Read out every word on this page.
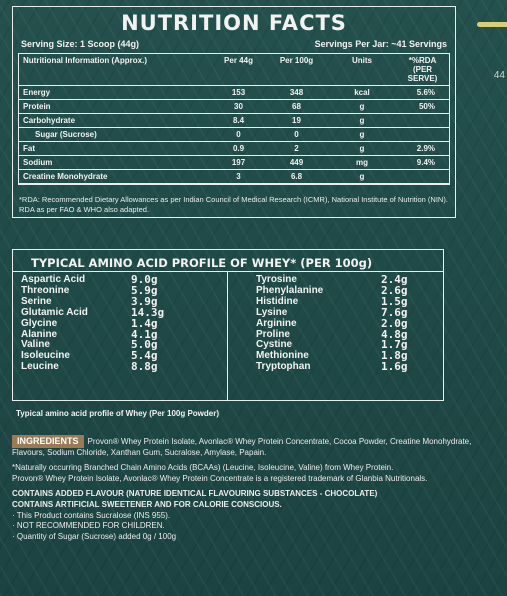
44
NUTRITION FACTS
Serving Size: 1 Scoop (44g)	Servings Per Jar: ~41 Servings
Nutritional Information (Approx.)	Per 44g	Per 100g	Units	*%RDA (PER SERVE)
Energy	153	348	kcal	5.6%
Protein	30	68	g	50%
Carbohydrate	8.4	19	g	
Sugar (Sucrose)	0	0	g	
Fat	0.9	2	g	2.9%
Sodium	197	449	mg	9.4%
Creatine Monohydrate	3	6.8	g	
*RDA: Recommended Dietary Allowances as per Indian Council of Medical Research (ICMR), National Institute of Nutrition (NIN). RDA as per FAO & WHO also adapted.
TYPICAL AMINO ACID PROFILE OF WHEY* (PER 100g)
Aspartic Acid	9.0g
Threonine	5.9g
Serine	3.9g
Glutamic Acid	14.3g
Glycine	1.4g
Alanine	4.1g
Valine	5.0g
Isoleucine	5.4g
Leucine	8.8g
Tyrosine	2.4g
Phenylalanine	2.6g
Histidine	1.5g
Lysine	7.6g
Arginine	2.0g
Proline	4.8g
Cystine	1.7g
Methionine	1.8g
Tryptophan	1.6g
Typical amino acid profile of Whey (Per 100g Powder)

INGREDIENTS Provon® Whey Protein Isolate, Avonlac® Whey Protein Concentrate, Cocoa Powder, Creatine Monohydrate, Flavours, Sodium Chloride, Xanthan Gum, Sucralose, Amylase, Papain.

*Naturally occurring Branched Chain Amino Acids (BCAAs) (Leucine, Isoleucine, Valine) from Whey Protein.

Provon® Whey Protein Isolate, Avonlac® Whey Protein Concentrate is a registered trademark of Glanbia Nutritionals.

CONTAINS ADDED FLAVOUR (NATURE IDENTICAL FLAVOURING SUBSTANCES - CHOCOLATE)

CONTAINS ARTIFICIAL SWEETENER AND FOR CALORIE CONSCIOUS.

· This Product contains Sucralose (INS 955).

· NOT RECOMMENDED FOR CHILDREN.

· Quantity of Sugar (Sucrose) added 0g / 100g
